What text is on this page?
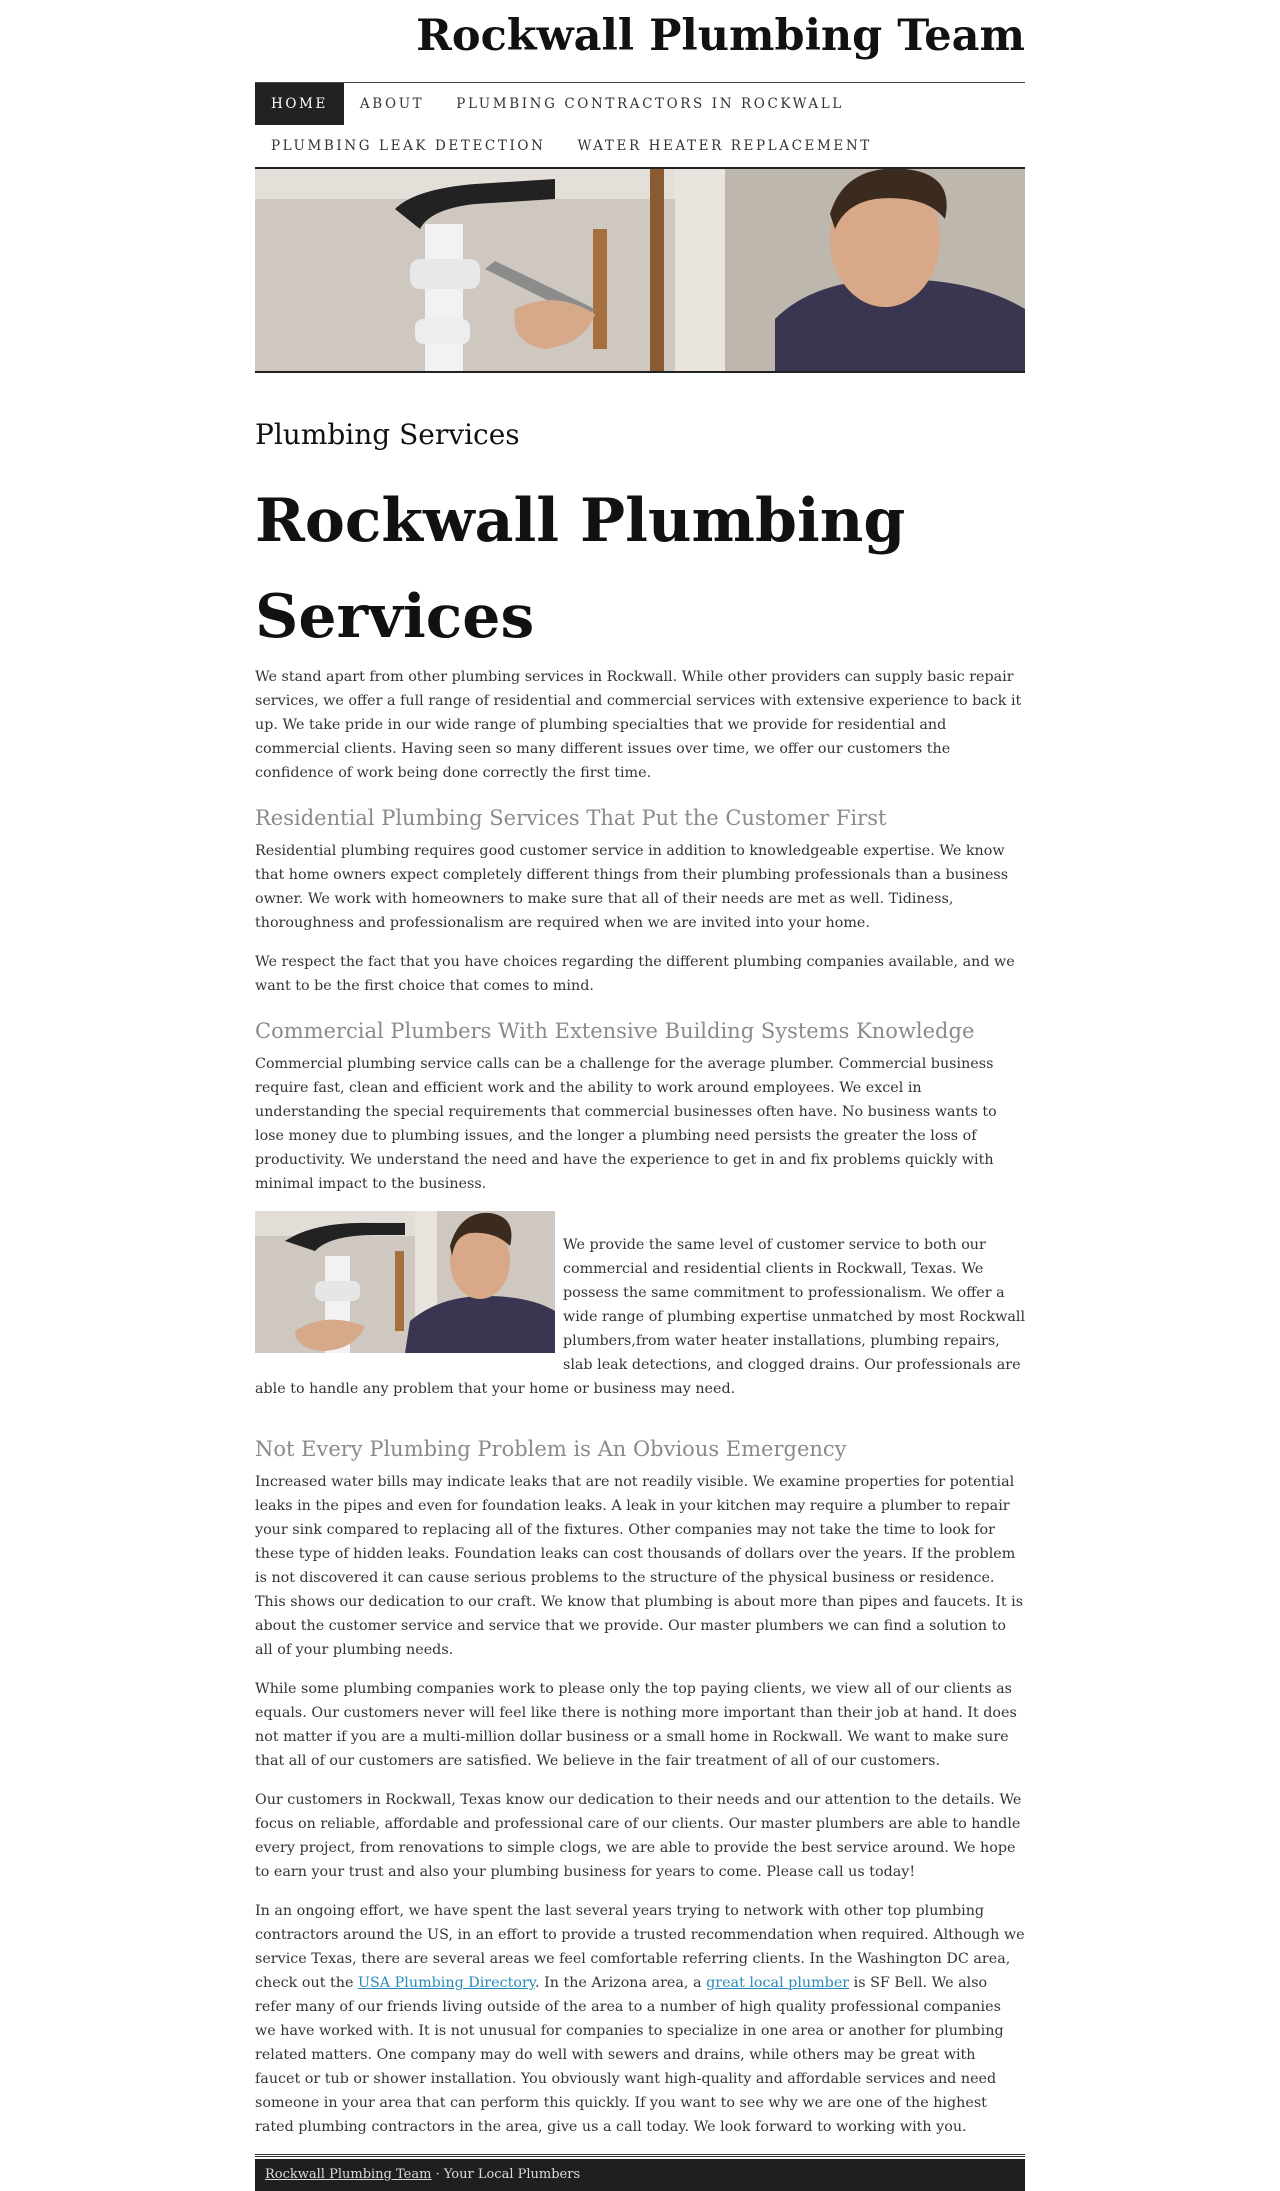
Rockwall Plumbing Team
HOME	ABOUT	PLUMBING CONTRACTORS IN ROCKWALL
PLUMBING LEAK DETECTION	WATER HEATER REPLACEMENT
Plumbing Services
Rockwall Plumbing Services

We stand apart from other plumbing services in Rockwall. While other providers can supply basic repair services, we offer a full range of residential and commercial services with extensive experience to back it up. We take pride in our wide range of plumbing specialties that we provide for residential and commercial clients. Having seen so many different issues over time, we offer our customers the confidence of work being done correctly the first time.

Residential Plumbing Services That Put the Customer First

Residential plumbing requires good customer service in addition to knowledgeable expertise. We know that home owners expect completely different things from their plumbing professionals than a business owner. We work with homeowners to make sure that all of their needs are met as well. Tidiness, thoroughness and professionalism are required when we are invited into your home.

We respect the fact that you have choices regarding the different plumbing companies available, and we want to be the first choice that comes to mind.

Commercial Plumbers With Extensive Building Systems Knowledge

Commercial plumbing service calls can be a challenge for the average plumber. Commercial business require fast, clean and efficient work and the ability to work around employees. We excel in understanding the special requirements that commercial businesses often have. No business wants to lose money due to plumbing issues, and the longer a plumbing need persists the greater the loss of productivity. We understand the need and have the experience to get in and fix problems quickly with minimal impact to the business.

We provide the same level of customer service to both our commercial and residential clients in Rockwall, Texas. We possess the same commitment to professionalism. We offer a wide range of plumbing expertise unmatched by most Rockwall plumbers,from water heater installations, plumbing repairs, slab leak detections, and clogged drains. Our professionals are able to handle any problem that your home or business may need.

Not Every Plumbing Problem is An Obvious Emergency

Increased water bills may indicate leaks that are not readily visible. We examine properties for potential leaks in the pipes and even for foundation leaks. A leak in your kitchen may require a plumber to repair your sink compared to replacing all of the fixtures. Other companies may not take the time to look for these type of hidden leaks. Foundation leaks can cost thousands of dollars over the years. If the problem is not discovered it can cause serious problems to the structure of the physical business or residence. This shows our dedication to our craft. We know that plumbing is about more than pipes and faucets. It is about the customer service and service that we provide. Our master plumbers we can find a solution to all of your plumbing needs.

While some plumbing companies work to please only the top paying clients, we view all of our clients as equals. Our customers never will feel like there is nothing more important than their job at hand. It does not matter if you are a multi-million dollar business or a small home in Rockwall. We want to make sure that all of our customers are satisfied. We believe in the fair treatment of all of our customers.

Our customers in Rockwall, Texas know our dedication to their needs and our attention to the details. We focus on reliable, affordable and professional care of our clients. Our master plumbers are able to handle every project, from renovations to simple clogs, we are able to provide the best service around. We hope to earn your trust and also your plumbing business for years to come. Please call us today!

In an ongoing effort, we have spent the last several years trying to network with other top plumbing contractors around the US, in an effort to provide a trusted recommendation when required. Although we service Texas, there are several areas we feel comfortable referring clients. In the Washington DC area, check out the USA Plumbing Directory. In the Arizona area, a great local plumber is SF Bell. We also refer many of our friends living outside of the area to a number of high quality professional companies we have worked with. It is not unusual for companies to specialize in one area or another for plumbing related matters. One company may do well with sewers and drains, while others may be great with faucet or tub or shower installation. You obviously want high-quality and affordable services and need someone in your area that can perform this quickly. If you want to see why we are one of the highest rated plumbing contractors in the area, give us a call today. We look forward to working with you.

Rockwall Plumbing Team · Your Local Plumbers
